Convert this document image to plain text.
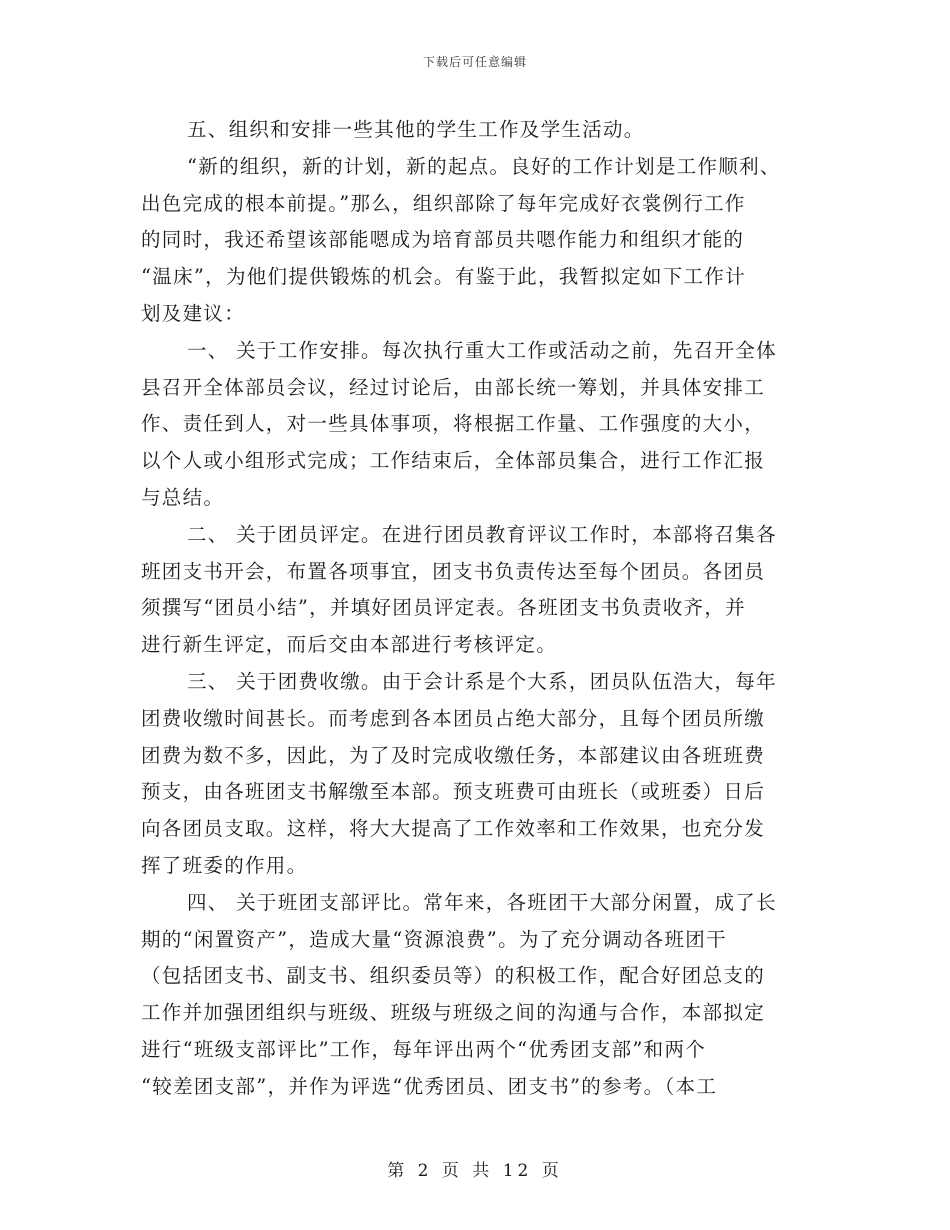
下载后可任意编辑
五、组织和安排一些其他的学生工作及学生活动。
“新的组织，新的计划，新的起点。良好的工作计划是工作顺利、
出色完成的根本前提。”那么，组织部除了每年完成好衣裳例行工作
的同时，我还希望该部能嗯成为培育部员共嗯作能力和组织才能的
“温床”，为他们提供锻炼的机会。有鉴于此，我暂拟定如下工作计
划及建议：
一、 关于工作安排。每次执行重大工作或活动之前，先召开全体
县召开全体部员会议，经过讨论后，由部长统一筹划，并具体安排工
作、责任到人，对一些具体事项，将根据工作量、工作强度的大小，
以个人或小组形式完成；工作结束后，全体部员集合，进行工作汇报
与总结。
二、 关于团员评定。在进行团员教育评议工作时，本部将召集各
班团支书开会，布置各项事宜，团支书负责传达至每个团员。各团员
须撰写“团员小结”，并填好团员评定表。各班团支书负责收齐，并
进行新生评定，而后交由本部进行考核评定。
三、 关于团费收缴。由于会计系是个大系，团员队伍浩大，每年
团费收缴时间甚长。而考虑到各本团员占绝大部分，且每个团员所缴
团费为数不多，因此，为了及时完成收缴任务，本部建议由各班班费
预支，由各班团支书解缴至本部。预支班费可由班长（或班委）日后
向各团员支取。这样，将大大提高了工作效率和工作效果，也充分发
挥了班委的作用。
四、 关于班团支部评比。常年来，各班团干大部分闲置，成了长
期的“闲置资产”，造成大量“资源浪费”。为了充分调动各班团干
（包括团支书、副支书、组织委员等）的积极工作，配合好团总支的
工作并加强团组织与班级、班级与班级之间的沟通与合作，本部拟定
进行“班级支部评比”工作，每年评出两个“优秀团支部”和两个
“较差团支部”，并作为评选“优秀团员、团支书”的参考。（本工
第 2 页 共 12 页
